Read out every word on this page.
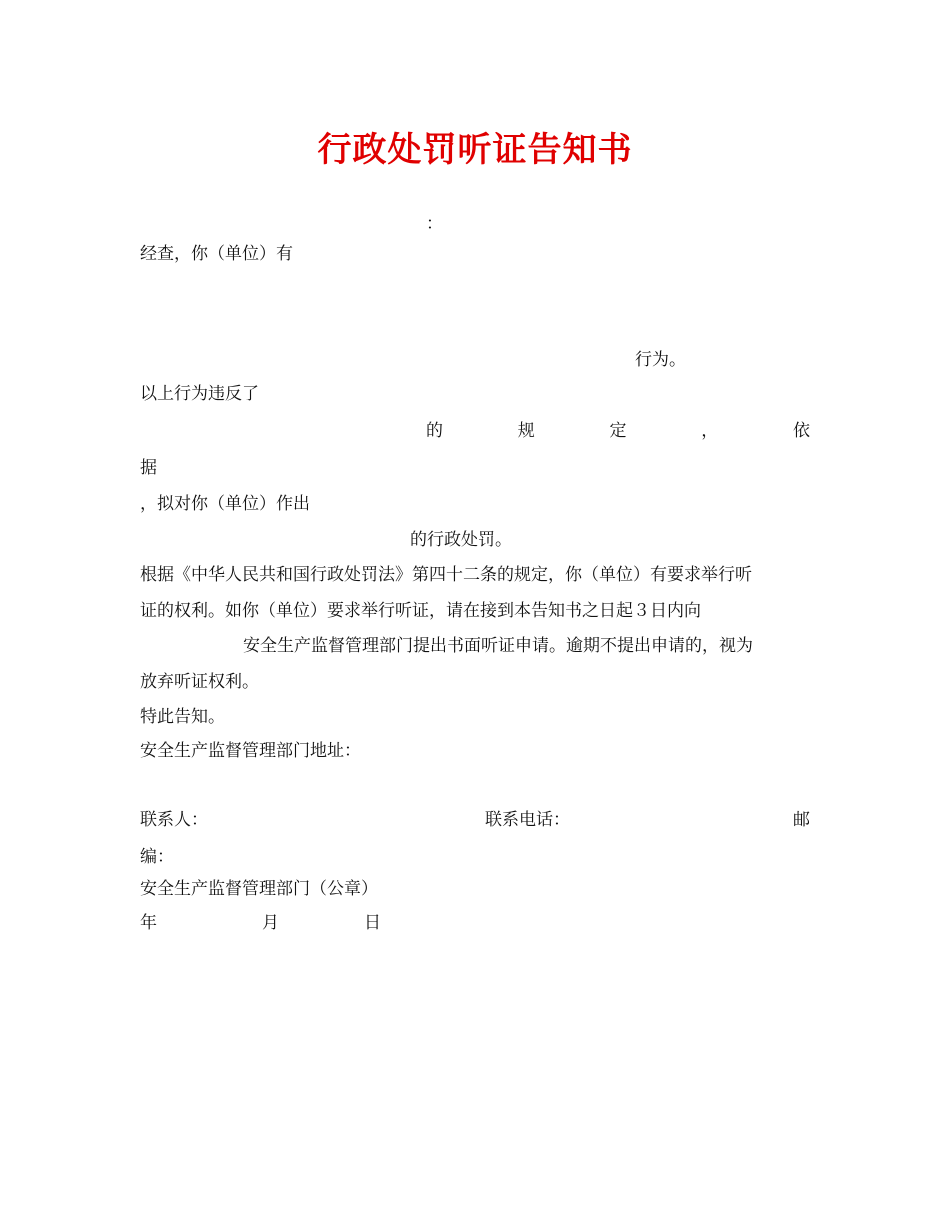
行政处罚听证告知书
：
经查，你（单位）有
行为。
以上行为违反了
的	规	定	，	依
据
，拟对你（单位）作出
的行政处罚。
根据《中华人民共和国行政处罚法》第四十二条的规定，你（单位）有要求举行听
证的权利。如你（单位）要求举行听证，请在接到本告知书之日起３日内向
安全生产监督管理部门提出书面听证申请。逾期不提出申请的，视为
放弃听证权利。
特此告知。
安全生产监督管理部门地址：
联系人：	联系电话：	邮
编：
安全生产监督管理部门（公章）
年	月	日
